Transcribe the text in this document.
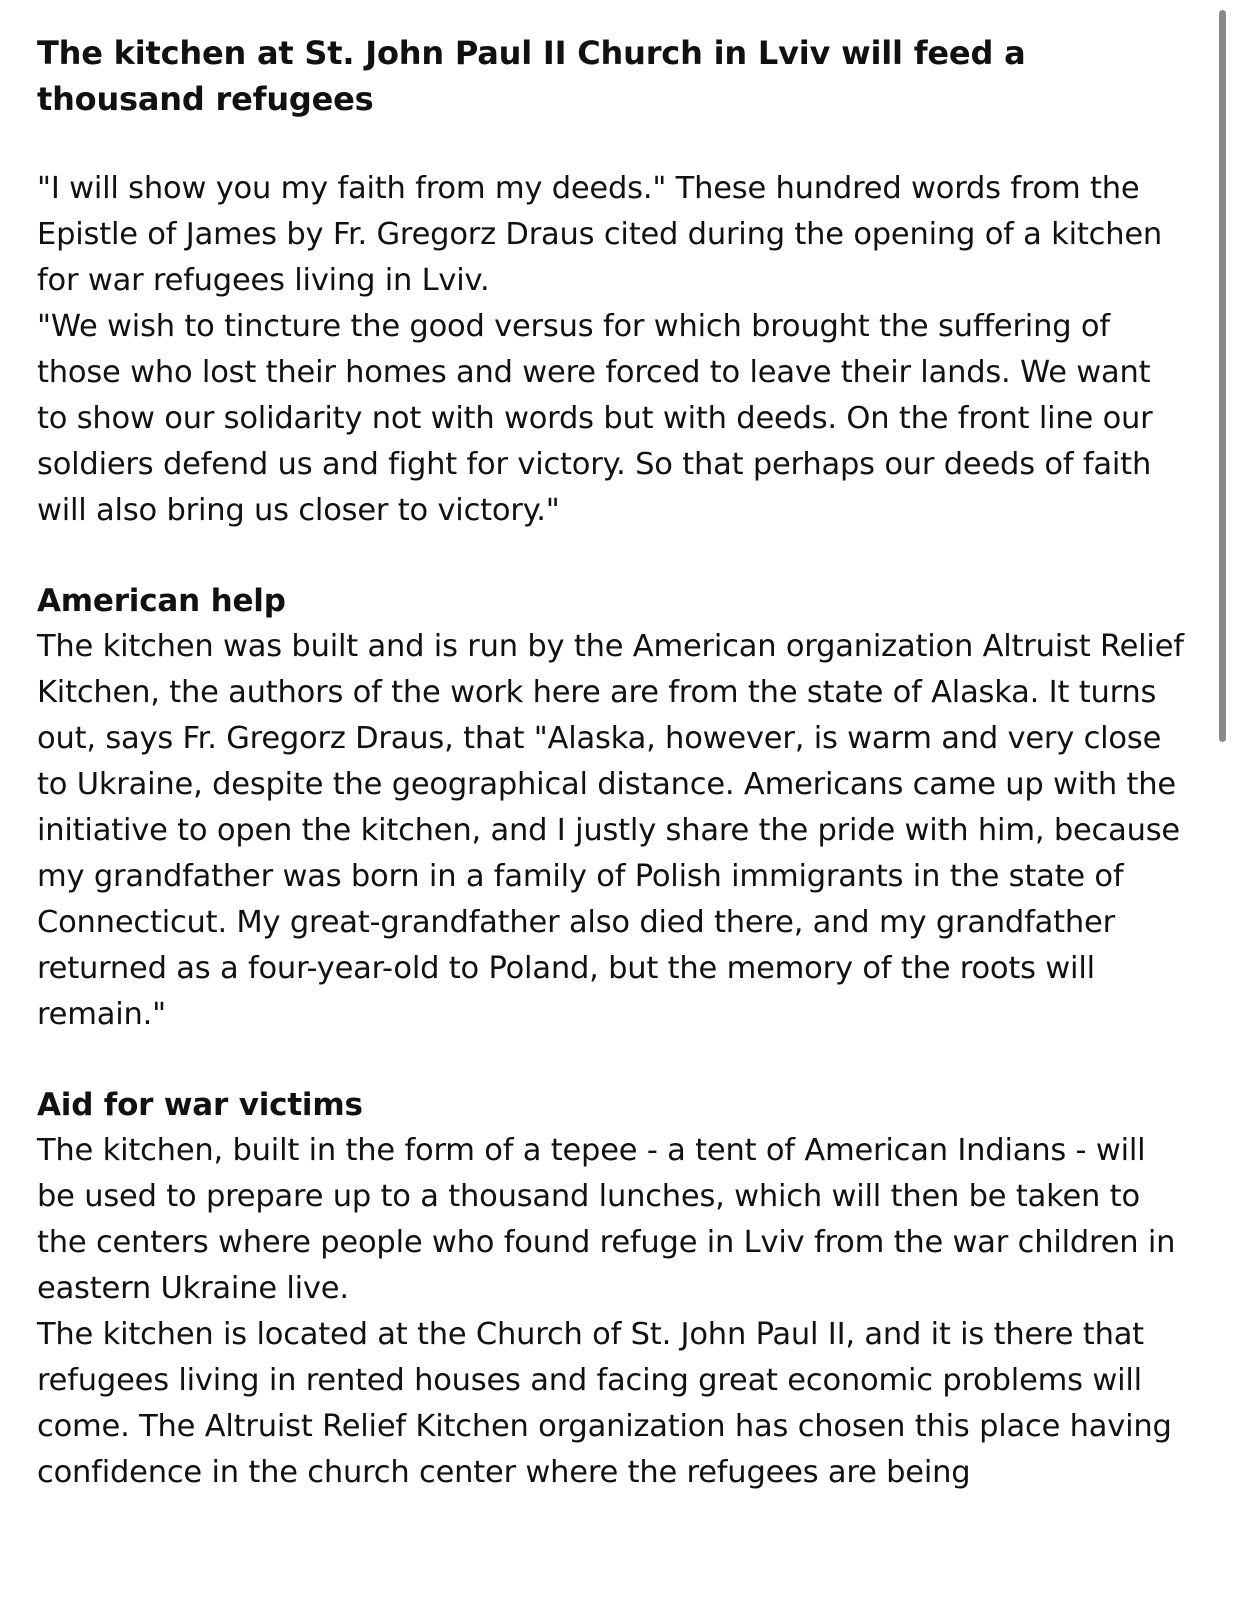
The kitchen at St. John Paul II Church in Lviv will feed a thousand refugees

"I will show you my faith from my deeds." These hundred words from the Epistle of James by Fr. Gregorz Draus cited during the opening of a kitchen for war refugees living in Lviv.

"We wish to tincture the good versus for which brought the suffering of those who lost their homes and were forced to leave their lands. We want to show our solidarity not with words but with deeds. On the front line our soldiers defend us and fight for victory. So that perhaps our deeds of faith will also bring us closer to victory."

American help

The kitchen was built and is run by the American organization Altruist Relief Kitchen, the authors of the work here are from the state of Alaska. It turns out, says Fr. Gregorz Draus, that "Alaska, however, is warm and very close to Ukraine, despite the geographical distance. Americans came up with the initiative to open the kitchen, and I justly share the pride with him, because my grandfather was born in a family of Polish immigrants in the state of Connecticut. My great-grandfather also died there, and my grandfather returned as a four-year-old to Poland, but the memory of the roots will remain."

Aid for war victims

The kitchen, built in the form of a tepee - a tent of American Indians - will be used to prepare up to a thousand lunches, which will then be taken to the centers where people who found refuge in Lviv from the war children in eastern Ukraine live.

The kitchen is located at the Church of St. John Paul II, and it is there that refugees living in rented houses and facing great economic problems will come. The Altruist Relief Kitchen organization has chosen this place having confidence in the church center where the refugees are being
